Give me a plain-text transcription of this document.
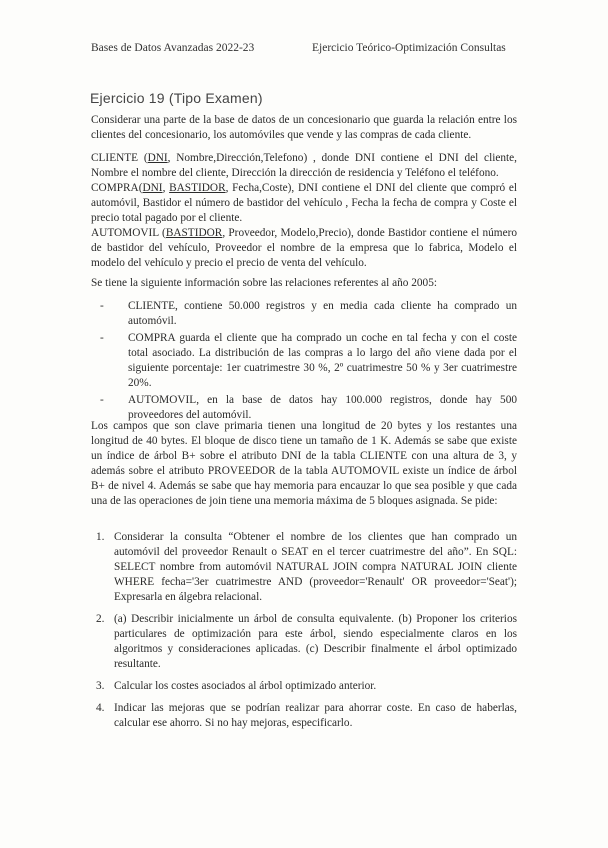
Bases de Datos Avanzadas 2022-23	Ejercicio Teórico-Optimización Consultas
Ejercicio 19 (Tipo Examen)

Considerar una parte de la base de datos de un concesionario que guarda la relación entre los clientes del concesionario, los automóviles que vende y las compras de cada cliente.

CLIENTE (DNI, Nombre,Dirección,Telefono) , donde DNI contiene el DNI del cliente, Nombre el nombre del cliente, Dirección la dirección de residencia y Teléfono el teléfono.

COMPRA(DNI, BASTIDOR, Fecha,Coste), DNI contiene el DNI del cliente que compró el automóvil, Bastidor el número de bastidor del vehículo , Fecha la fecha de compra y Coste el precio total pagado por el cliente.

AUTOMOVIL (BASTIDOR, Proveedor, Modelo,Precio), donde Bastidor contiene el número de bastidor del vehículo, Proveedor el nombre de la empresa que lo fabrica, Modelo el modelo del vehículo y precio el precio de venta del vehículo.

Se tiene la siguiente información sobre las relaciones referentes al año 2005:
- CLIENTE, contiene 50.000 registros y en media cada cliente ha comprado un automóvil.
- COMPRA guarda el cliente que ha comprado un coche en tal fecha y con el coste total asociado. La distribución de las compras a lo largo del año viene dada por el siguiente porcentaje: 1er cuatrimestre 30 %, 2º cuatrimestre 50 % y 3er cuatrimestre 20%.
- AUTOMOVIL, en la base de datos hay 100.000 registros, donde hay 500 proveedores del automóvil.

Los campos que son clave primaria tienen una longitud de 20 bytes y los restantes una longitud de 40 bytes. El bloque de disco tiene un tamaño de 1 K. Además se sabe que existe un índice de árbol B+ sobre el atributo DNI de la tabla CLIENTE con una altura de 3, y además sobre el atributo PROVEEDOR de la tabla AUTOMOVIL existe un índice de árbol B+ de nivel 4. Además se sabe que hay memoria para encauzar lo que sea posible y que cada una de las operaciones de join tiene una memoria máxima de 5 bloques asignada. Se pide:

1. Considerar la consulta “Obtener el nombre de los clientes que han comprado un automóvil del proveedor Renault o SEAT en el tercer cuatrimestre del año”. En SQL: SELECT nombre from automóvil NATURAL JOIN compra NATURAL JOIN cliente WHERE fecha='3er cuatrimestre AND (proveedor='Renault' OR proveedor='Seat'); Expresarla en álgebra relacional.
2. (a) Describir inicialmente un árbol de consulta equivalente. (b) Proponer los criterios particulares de optimización para este árbol, siendo especialmente claros en los algoritmos y consideraciones aplicadas. (c) Describir finalmente el árbol optimizado resultante.
3. Calcular los costes asociados al árbol optimizado anterior.
4. Indicar las mejoras que se podrían realizar para ahorrar coste. En caso de haberlas, calcular ese ahorro. Si no hay mejoras, especificarlo.
